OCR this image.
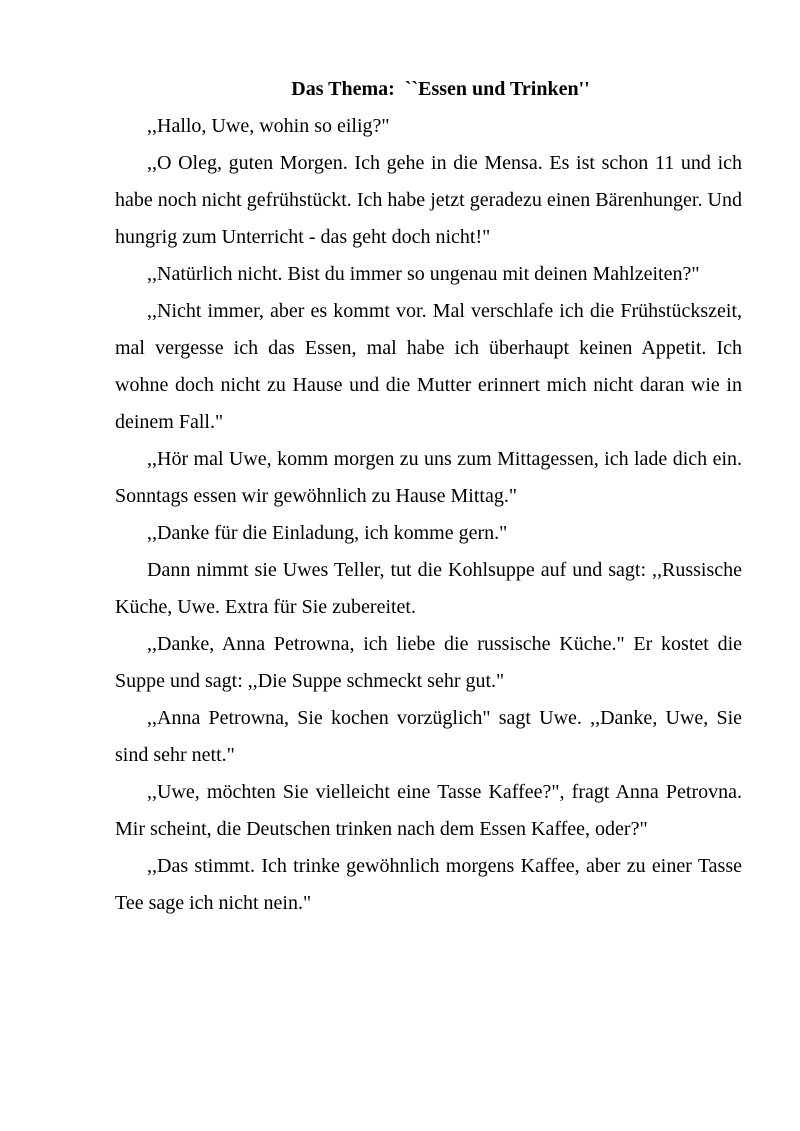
Das Thema:  ``Essen und Trinken''

,,Hallo, Uwe, wohin so eilig?"

,,O Oleg, guten Morgen. Ich gehe in die Mensa. Es ist schon 11 und ich habe noch nicht gefrühstückt. Ich habe jetzt geradezu einen Bärenhunger. Und hungrig zum Unterricht - das geht doch nicht!"

,,Natürlich nicht. Bist du immer so ungenau mit deinen Mahlzeiten?"

,,Nicht immer, aber es kommt vor. Mal verschlafe ich die Frühstückszeit, mal vergesse ich das Essen, mal habe ich überhaupt keinen Appetit. Ich wohne doch nicht zu Hause und die Mutter erinnert mich nicht daran wie in deinem Fall."

,,Hör mal Uwe, komm morgen zu uns zum Mittagessen, ich lade dich ein. Sonntags essen wir gewöhnlich zu Hause Mittag."

,,Danke für die Einladung, ich komme gern."

Dann nimmt sie Uwes Teller, tut die Kohlsuppe auf und sagt: ,,Russische Küche, Uwe. Extra für Sie zubereitet.

,,Danke, Anna Petrowna, ich liebe die russische Küche." Er kostet die Suppe und sagt: ,,Die Suppe schmeckt sehr gut."

,,Anna Petrowna, Sie kochen vorzüglich" sagt Uwe. ,,Danke, Uwe, Sie sind sehr nett."

,,Uwe, möchten Sie vielleicht eine Tasse Kaffee?", fragt Anna Petrovna. Mir scheint, die Deutschen trinken nach dem Essen Kaffee, oder?"

,,Das stimmt. Ich trinke gewöhnlich morgens Kaffee, aber zu einer Tasse Tee sage ich nicht nein."
